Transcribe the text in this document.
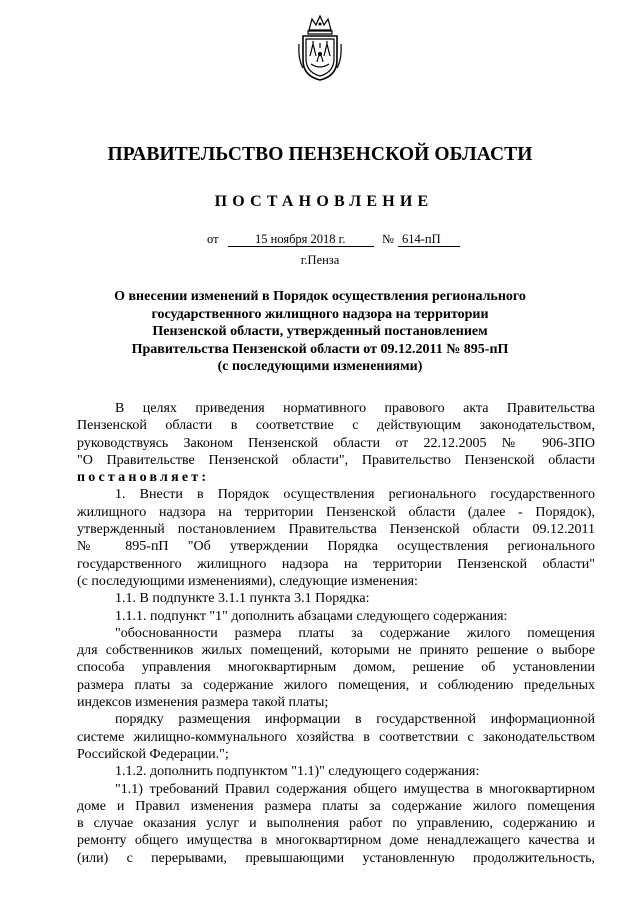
ПРАВИТЕЛЬСТВО ПЕНЗЕНСКОЙ ОБЛАСТИ
ПОСТАНОВЛЕНИЕ
от	15 ноября 2018 г.	№ 614-пП
г.Пенза
О внесении изменений в Порядок осуществления регионального
государственного жилищного надзора на территории
Пензенской области, утвержденный постановлением
Правительства Пензенской области от 09.12.2011 № 895-пП
(с последующими изменениями)
В целях приведения нормативного правового акта Правительства
Пензенской области в соответствие с действующим законодательством,
руководствуясь Законом Пензенской области от 22.12.2005 № 906-ЗПО
"О Правительстве Пензенской области", Правительство Пензенской области
постановляет:
1. Внести в Порядок осуществления регионального государственного
жилищного надзора на территории Пензенской области (далее - Порядок),
утвержденный постановлением Правительства Пензенской области 09.12.2011
№ 895-пП "Об утверждении Порядка осуществления регионального
государственного жилищного надзора на территории Пензенской области"
(с последующими изменениями), следующие изменения:
1.1. В подпункте 3.1.1 пункта 3.1 Порядка:
1.1.1. подпункт "1" дополнить абзацами следующего содержания:
"обоснованности размера платы за содержание жилого помещения
для собственников жилых помещений, которыми не принято решение о выборе
способа управления многоквартирным домом, решение об установлении
размера платы за содержание жилого помещения, и соблюдению предельных
индексов изменения размера такой платы;
порядку размещения информации в государственной информационной
системе жилищно-коммунального хозяйства в соответствии с законодательством
Российской Федерации.";
1.1.2. дополнить подпунктом "1.1)" следующего содержания:
"1.1) требований Правил содержания общего имущества в многоквартирном
доме и Правил изменения размера платы за содержание жилого помещения
в случае оказания услуг и выполнения работ по управлению, содержанию и
ремонту общего имущества в многоквартирном доме ненадлежащего качества и
(или) с перерывами, превышающими установленную продолжительность,
